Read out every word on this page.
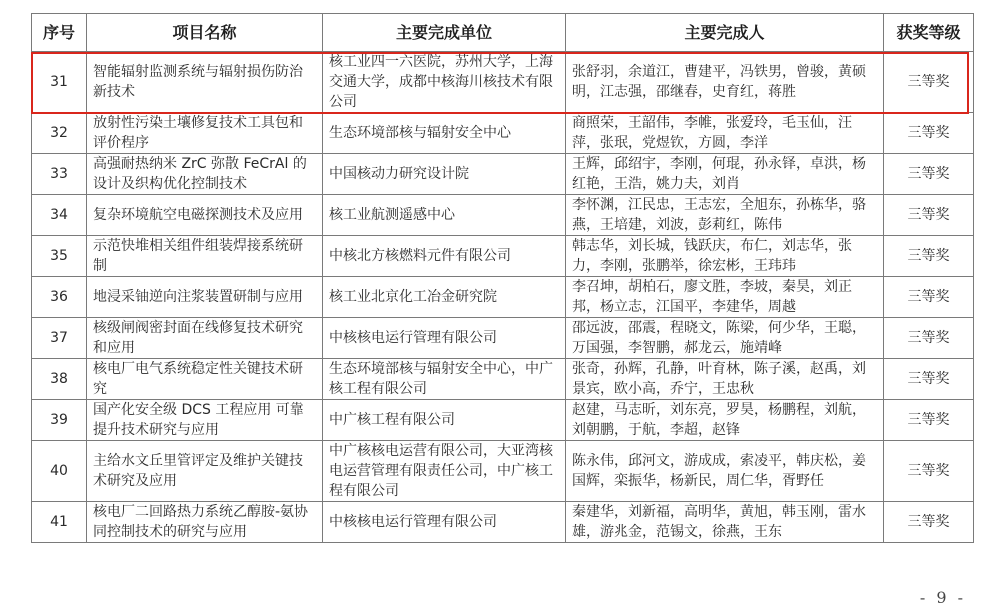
序号	项目名称	主要完成单位	主要完成人	获奖等级
31	智能辐射监测系统与辐射损伤防治新技术	核工业四一六医院，苏州大学，上海交通大学，成都中核海川核技术有限公司	张舒羽，余道江，曹建平，冯铁男，曾骏，黄硕明，江志强，邵继春，史育红，蒋胜	三等奖
32	放射性污染土壤修复技术工具包和评价程序	生态环境部核与辐射安全中心	商照荣，王韶伟，李帷，张爱玲，毛玉仙，汪萍，张珉，党煜钦，方圆，李洋	三等奖
33	高强耐热纳米 ZrC 弥散 FeCrAl 的设计及织构优化控制技术	中国核动力研究设计院	王辉，邱绍宇，李刚，何琨，孙永铎，卓洪，杨红艳，王浩，姚力夫，刘肖	三等奖
34	复杂环境航空电磁探测技术及应用	核工业航测遥感中心	李怀渊，江民忠，王志宏，全旭东，孙栋华，骆燕，王培建，刘波，彭莉红，陈伟	三等奖
35	示范快堆相关组件组装焊接系统研制	中核北方核燃料元件有限公司	韩志华，刘长城，钱跃庆，布仁，刘志华，张力，李刚，张鹏举，徐宏彬，王玮玮	三等奖
36	地浸采铀逆向注浆装置研制与应用	核工业北京化工冶金研究院	李召坤，胡柏石，廖文胜，李坡，秦昊，刘正邦，杨立志，江国平，李建华，周越	三等奖
37	核级闸阀密封面在线修复技术研究和应用	中核核电运行管理有限公司	邵远波，邵震，程晓文，陈梁，何少华，王聪，万国强，李智鹏，郝龙云，施靖峰	三等奖
38	核电厂电气系统稳定性关键技术研究	生态环境部核与辐射安全中心，中广核工程有限公司	张奇，孙辉，孔静，叶育林，陈子溪，赵禹，刘景宾，欧小高，乔宁，王忠秋	三等奖
39	国产化安全级 DCS 工程应用 可靠提升技术研究与应用	中广核工程有限公司	赵建，马志昕，刘东亮，罗昊，杨鹏程，刘航，刘朝鹏，于航，李超，赵锋	三等奖
40	主给水文丘里管评定及维护关键技术研究及应用	中广核核电运营有限公司，大亚湾核电运营管理有限责任公司，中广核工程有限公司	陈永伟，邱河文，游成成，索凌平，韩庆松，姜国辉，栾振华，杨新民，周仁华，胥野任	三等奖
41	核电厂二回路热力系统乙醇胺-氨协同控制技术的研究与应用	中核核电运行管理有限公司	秦建华，刘新福，高明华，黄旭，韩玉刚，雷水雄，游兆金，范锡文，徐燕，王东	三等奖
- 9 -
